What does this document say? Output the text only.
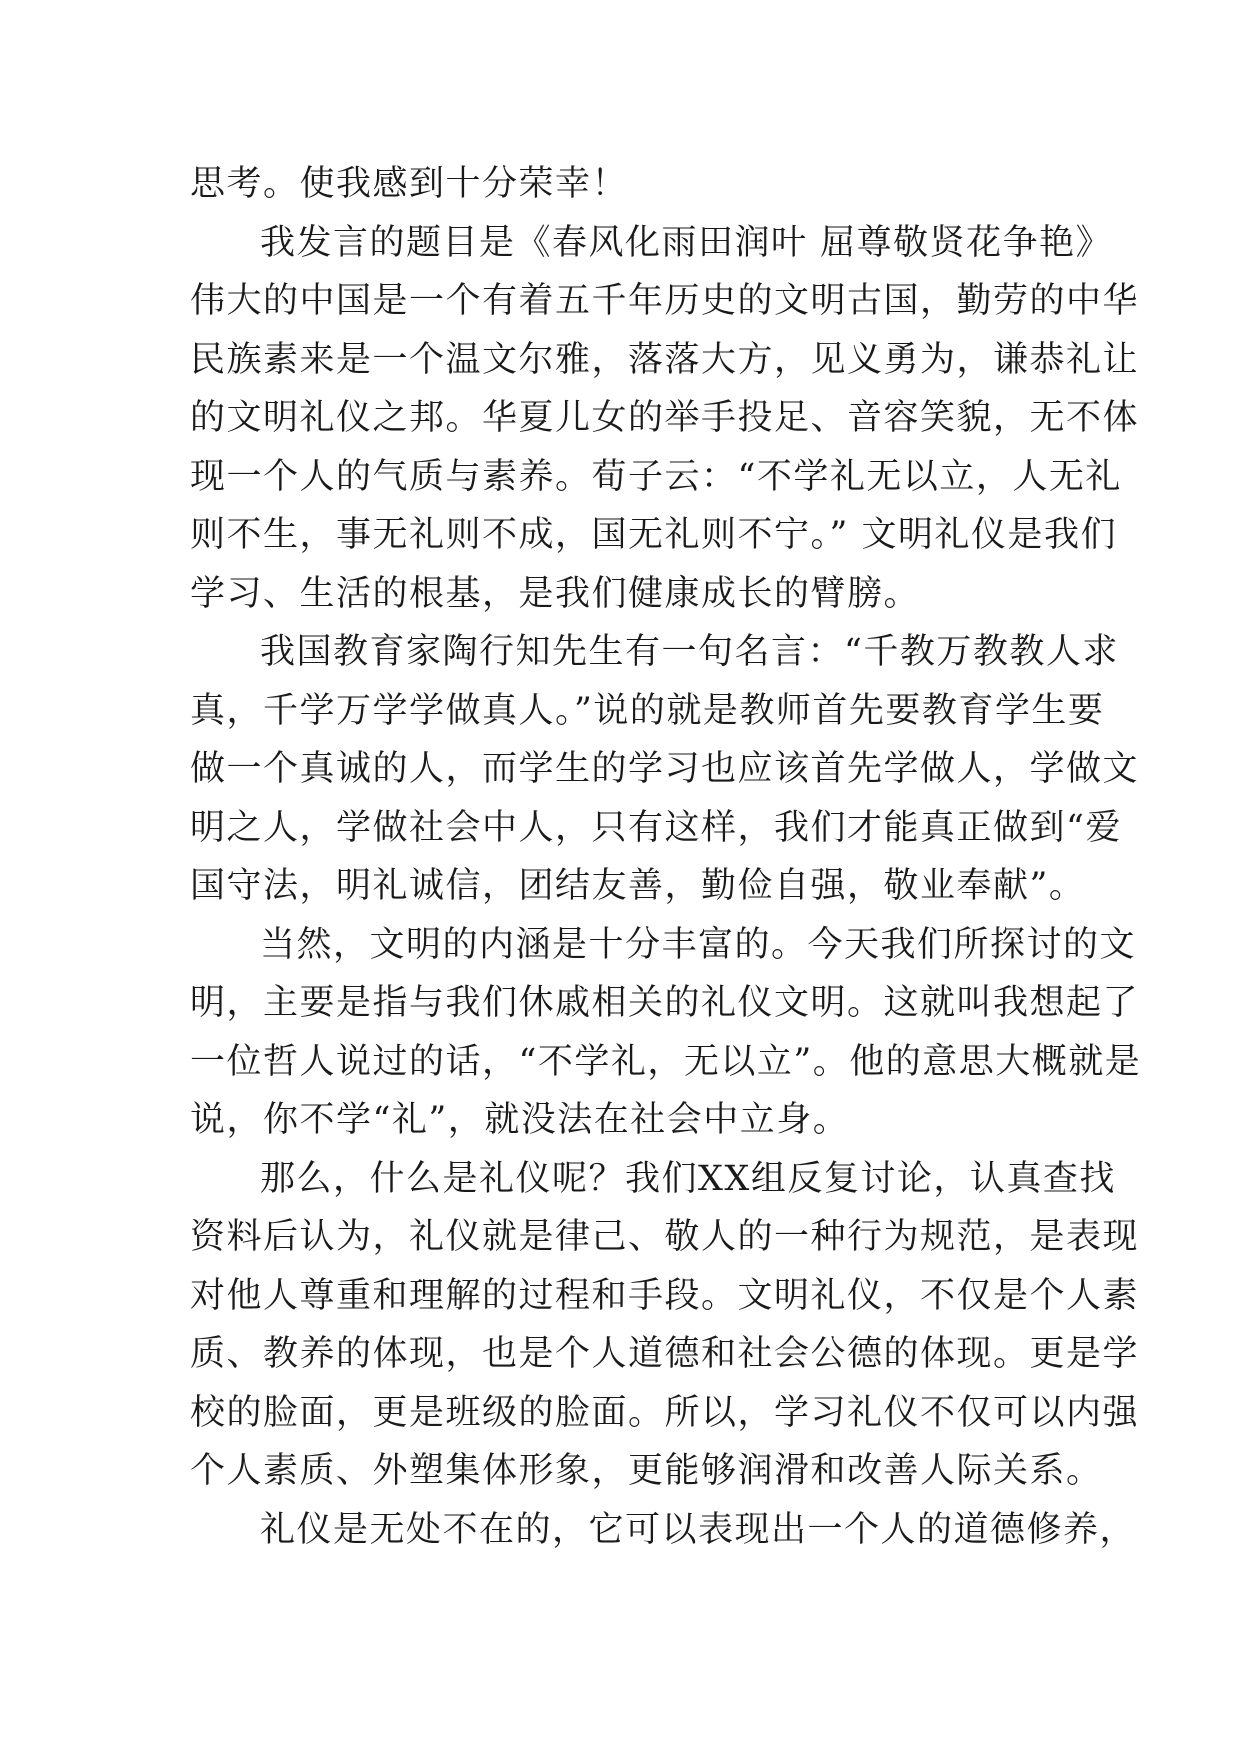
思考。使我感到十分荣幸！
我发言的题目是《春风化雨田润叶 屈尊敬贤花争艳》
伟大的中国是一个有着五千年历史的文明古国，勤劳的中华
民族素来是一个温文尔雅，落落大方，见义勇为，谦恭礼让
的文明礼仪之邦。华夏儿女的举手投足、音容笑貌，无不体
现一个人的气质与素养。荀子云：“不学礼无以立，人无礼
则不生，事无礼则不成，国无礼则不宁。” 文明礼仪是我们
学习、生活的根基，是我们健康成长的臂膀。
我国教育家陶行知先生有一句名言：“千教万教教人求
真，千学万学学做真人。”说的就是教师首先要教育学生要
做一个真诚的人，而学生的学习也应该首先学做人，学做文
明之人，学做社会中人，只有这样，我们才能真正做到“爱
国守法，明礼诚信，团结友善，勤俭自强，敬业奉献”。
当然，文明的内涵是十分丰富的。今天我们所探讨的文
明，主要是指与我们休戚相关的礼仪文明。这就叫我想起了
一位哲人说过的话，“不学礼，无以立”。他的意思大概就是
说，你不学“礼”，就没法在社会中立身。
那么，什么是礼仪呢？我们XX组反复讨论，认真查找
资料后认为，礼仪就是律己、敬人的一种行为规范，是表现
对他人尊重和理解的过程和手段。文明礼仪，不仅是个人素
质、教养的体现，也是个人道德和社会公德的体现。更是学
校的脸面，更是班级的脸面。所以，学习礼仪不仅可以内强
个人素质、外塑集体形象，更能够润滑和改善人际关系。
礼仪是无处不在的，它可以表现出一个人的道德修养，
